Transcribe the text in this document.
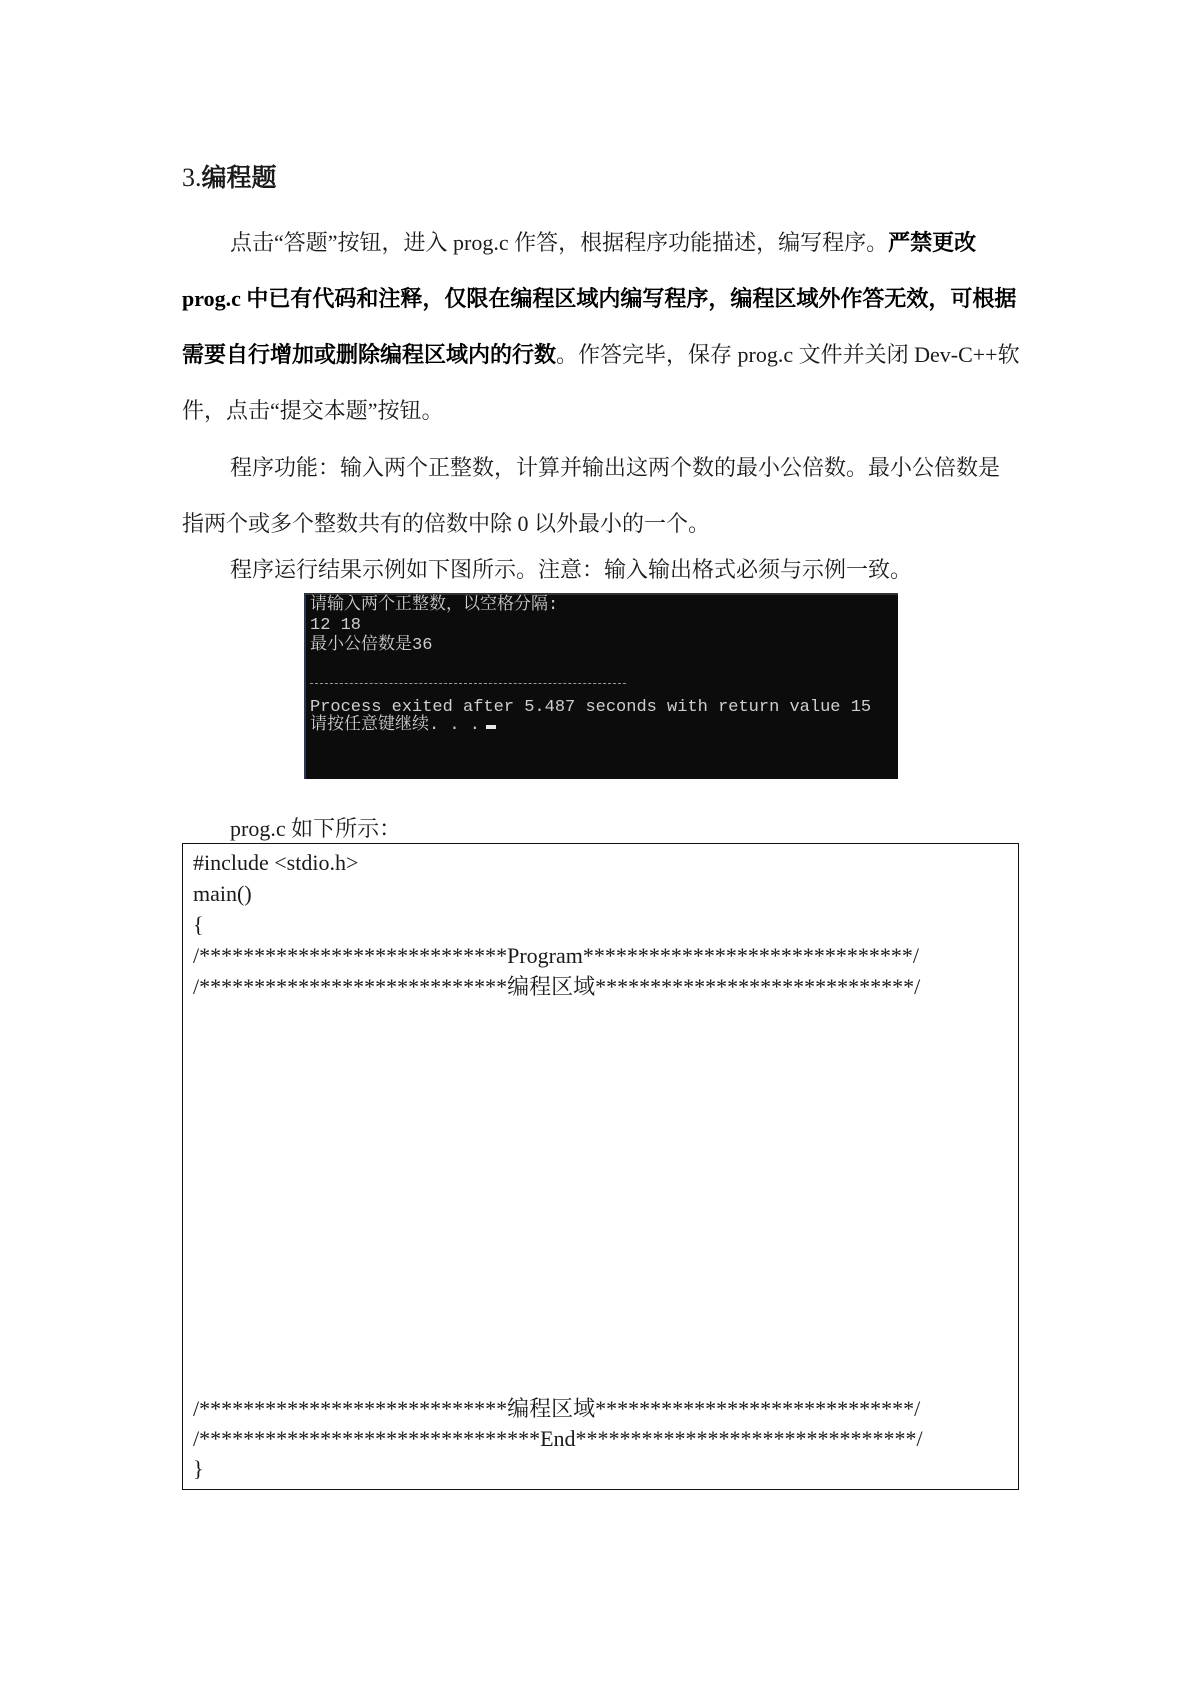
3.编程题
点击“答题”按钮，进入 prog.c 作答，根据程序功能描述，编写程序。严禁更改 prog.c 中已有代码和注释，仅限在编程区域内编写程序，编程区域外作答无效，可根据需要自行增加或删除编程区域内的行数。作答完毕，保存 prog.c 文件并关闭 Dev-C++软件，点击“提交本题”按钮。
程序功能：输入两个正整数，计算并输出这两个数的最小公倍数。最小公倍数是指两个或多个整数共有的倍数中除 0 以外最小的一个。
程序运行结果示例如下图所示。注意：输入输出格式必须与示例一致。
请输入两个正整数，以空格分隔:
12 18
最小公倍数是36
Process exited after 5.487 seconds with return value 15
请按任意键继续. . .
prog.c 如下所示：
#include <stdio.h>
main()
{
/****************************Program******************************/
/****************************编程区域*****************************/
/****************************编程区域*****************************/
/*******************************End*******************************/
}
